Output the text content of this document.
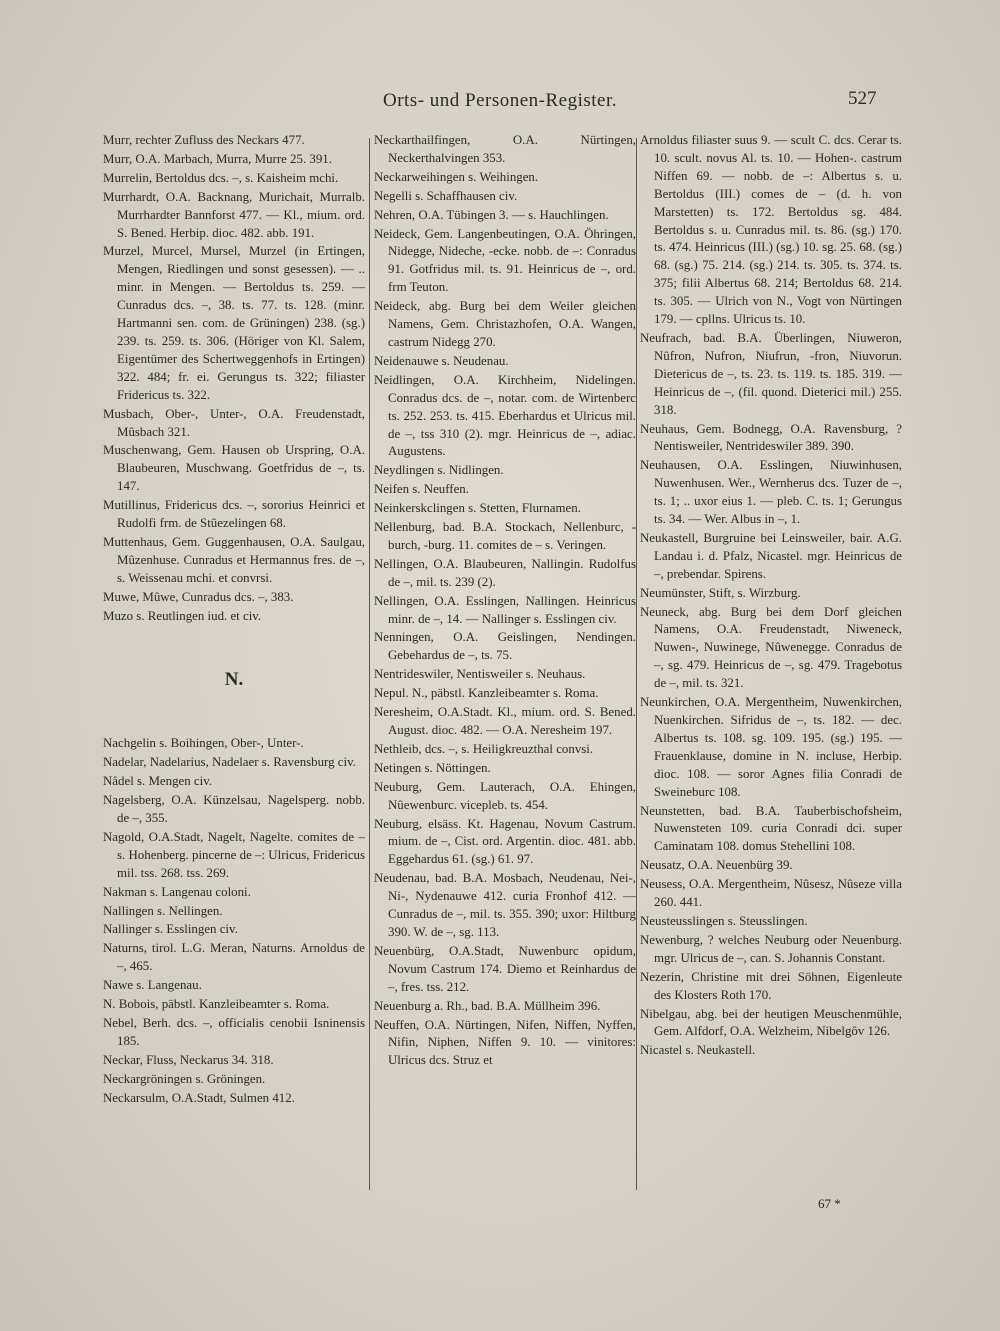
Orts- und Personen-Register.	527
Murr, rechter Zufluss des Neckars 477.
Murr, O.A. Marbach, Murra, Murre 25. 391.
Murrelin, Bertoldus dcs. –, s. Kaisheim mchi.
Murrhardt, O.A. Backnang, Murichait, Murralb. Murrhardter Bannforst 477. — Kl., mium. ord. S. Bened. Herbip. dioc. 482. abb. 191.
Murzel, Murcel, Mursel, Murzel (in Ertingen, Mengen, Riedlingen und sonst gesessen). — .. minr. in Mengen. — Bertoldus ts. 259. — Cunradus dcs. –, 38. ts. 77. ts. 128. (minr. Hartmanni sen. com. de Grüningen) 238. (sg.) 239. ts. 259. ts. 306. (Höriger von Kl. Salem, Eigentümer des Schertweggenhofs in Ertingen) 322. 484; fr. ei. Gerungus ts. 322; filiaster Fridericus ts. 322.
Musbach, Ober-, Unter-, O.A. Freudenstadt, Mûsbach 321.
Muschenwang, Gem. Hausen ob Urspring, O.A. Blaubeuren, Muschwang. Goetfridus de –, ts. 147.
Mutillinus, Fridericus dcs. –, sororius Heinrici et Rudolfi frm. de Stûezelingen 68.
Muttenhaus, Gem. Guggenhausen, O.A. Saulgau, Mûzenhuse. Cunradus et Hermannus fres. de –, s. Weissenau mchi. et convrsi.
Muwe, Mûwe, Cunradus dcs. –, 383.
Muzo s. Reutlingen iud. et civ.
N.
Nachgelin s. Boihingen, Ober-, Unter-.
Nadelar, Nadelarius, Nadelaer s. Ravensburg civ.
Nâdel s. Mengen civ.
Nagelsberg, O.A. Künzelsau, Nagelsperg. nobb. de –, 355.
Nagold, O.A.Stadt, Nagelt, Nagelte. comites de – s. Hohenberg. pincerne de –: Ulricus, Fridericus mil. tss. 268. tss. 269.
Nakman s. Langenau coloni.
Nallingen s. Nellingen.
Nallinger s. Esslingen civ.
Naturns, tirol. L.G. Meran, Naturns. Arnoldus de –, 465.
Nawe s. Langenau.
N. Bobois, päbstl. Kanzleibeamter s. Roma.
Nebel, Berh. dcs. –, officialis cenobii Isninensis 185.
Neckar, Fluss, Neckarus 34. 318.
Neckargröningen s. Gröningen.
Neckarsulm, O.A.Stadt, Sulmen 412.
Neckarthailfingen, O.A. Nürtingen, Neckerthalvingen 353.
Neckarweihingen s. Weihingen.
Negelli s. Schaffhausen civ.
Nehren, O.A. Tübingen 3. — s. Hauchlingen.
Neideck, Gem. Langenbeutingen, O.A. Öhringen, Nidegge, Nideche, -ecke. nobb. de –: Conradus 91. Gotfridus mil. ts. 91. Heinricus de –, ord. frm Teuton.
Neideck, abg. Burg bei dem Weiler gleichen Namens, Gem. Christazhofen, O.A. Wangen, castrum Nidegg 270.
Neidenauwe s. Neudenau.
Neidlingen, O.A. Kirchheim, Nidelingen. Conradus dcs. de –, notar. com. de Wirtenberc ts. 252. 253. ts. 415. Eberhardus et Ulricus mil. de –, tss 310 (2). mgr. Heinricus de –, adiac. Augustens.
Neydlingen s. Nidlingen.
Neifen s. Neuffen.
Neinkerskclingen s. Stetten, Flurnamen.
Nellenburg, bad. B.A. Stockach, Nellenburc, -burch, -burg. 11. comites de – s. Veringen.
Nellingen, O.A. Blaubeuren, Nallingin. Rudolfus de –, mil. ts. 239 (2).
Nellingen, O.A. Esslingen, Nallingen. Heinricus minr. de –, 14. — Nallinger s. Esslingen civ.
Nenningen, O.A. Geislingen, Nendingen. Gebehardus de –, ts. 75.
Nentrideswiler, Nentisweiler s. Neuhaus.
Nepul. N., päbstl. Kanzleibeamter s. Roma.
Neresheim, O.A.Stadt. Kl., mium. ord. S. Bened. August. dioc. 482. — O.A. Neresheim 197.
Nethleib, dcs. –, s. Heiligkreuzthal convsi.
Netingen s. Nöttingen.
Neuburg, Gem. Lauterach, O.A. Ehingen, Nûewenburc. vicepleb. ts. 454.
Neuburg, elsäss. Kt. Hagenau, Novum Castrum. mium. de –, Cist. ord. Argentin. dioc. 481. abb. Eggehardus 61. (sg.) 61. 97.
Neudenau, bad. B.A. Mosbach, Neudenau, Nei-, Ni-, Nydenauwe 412. curia Fronhof 412. — Cunradus de –, mil. ts. 355. 390; uxor: Hiltburg 390. W. de –, sg. 113.
Neuenbürg, O.A.Stadt, Nuwenburc opidum, Novum Castrum 174. Diemo et Reinhardus de –, fres. tss. 212.
Neuenburg a. Rh., bad. B.A. Müllheim 396.
Neuffen, O.A. Nürtingen, Nifen, Niffen, Nyffen, Nifin, Niphen, Niffen 9. 10. — vinitores: Ulricus dcs. Struz et
Arnoldus filiaster suus 9. — scult C. dcs. Cerar ts. 10. scult. novus Al. ts. 10. — Hohen-. castrum Niffen 69. — nobb. de –: Albertus s. u. Bertoldus (III.) comes de – (d. h. von Marstetten) ts. 172. Bertoldus sg. 484. Bertoldus s. u. Cunradus mil. ts. 86. (sg.) 170. ts. 474. Heinricus (III.) (sg.) 10. sg. 25. 68. (sg.) 68. (sg.) 75. 214. (sg.) 214. ts. 305. ts. 374. ts. 375; filii Albertus 68. 214; Bertoldus 68. 214. ts. 305. — Ulrich von N., Vogt von Nürtingen 179. — cpllns. Ulricus ts. 10.
Neufrach, bad. B.A. Überlingen, Niuweron, Nûfron, Nufron, Niufrun, -fron, Niuvorun. Dietericus de –, ts. 23. ts. 119. ts. 185. 319. — Heinricus de –, (fil. quond. Dieterici mil.) 255. 318.
Neuhaus, Gem. Bodnegg, O.A. Ravensburg, ? Nentisweiler, Nentrideswiler 389. 390.
Neuhausen, O.A. Esslingen, Niuwinhusen, Nuwenhusen. Wer., Wernherus dcs. Tuzer de –, ts. 1; .. uxor eius 1. — pleb. C. ts. 1; Gerungus ts. 34. — Wer. Albus in –, 1.
Neukastell, Burgruine bei Leinsweiler, bair. A.G. Landau i. d. Pfalz, Nicastel. mgr. Heinricus de –, prebendar. Spirens.
Neumünster, Stift, s. Wirzburg.
Neuneck, abg. Burg bei dem Dorf gleichen Namens, O.A. Freudenstadt, Niweneck, Nuwen-, Nuwinege, Nûwenegge. Conradus de –, sg. 479. Heinricus de –, sg. 479. Tragebotus de –, mil. ts. 321.
Neunkirchen, O.A. Mergentheim, Nuwenkirchen, Nuenkirchen. Sifridus de –, ts. 182. — dec. Albertus ts. 108. sg. 109. 195. (sg.) 195. — Frauenklause, domine in N. incluse, Herbip. dioc. 108. — soror Agnes filia Conradi de Sweineburc 108.
Neunstetten, bad. B.A. Tauberbischofsheim, Nuwensteten 109. curia Conradi dci. super Caminatam 108. domus Stehellini 108.
Neusatz, O.A. Neuenbürg 39.
Neusess, O.A. Mergentheim, Nûsesz, Nûseze villa 260. 441.
Neusteusslingen s. Steusslingen.
Newenburg, ? welches Neuburg oder Neuenburg. mgr. Ulricus de –, can. S. Johannis Constant.
Nezerin, Christine mit drei Söhnen, Eigenleute des Klosters Roth 170.
Nibelgau, abg. bei der heutigen Meuschenmühle, Gem. Alfdorf, O.A. Welzheim, Nibelgôv 126.
Nicastel s. Neukastell.
67 *
